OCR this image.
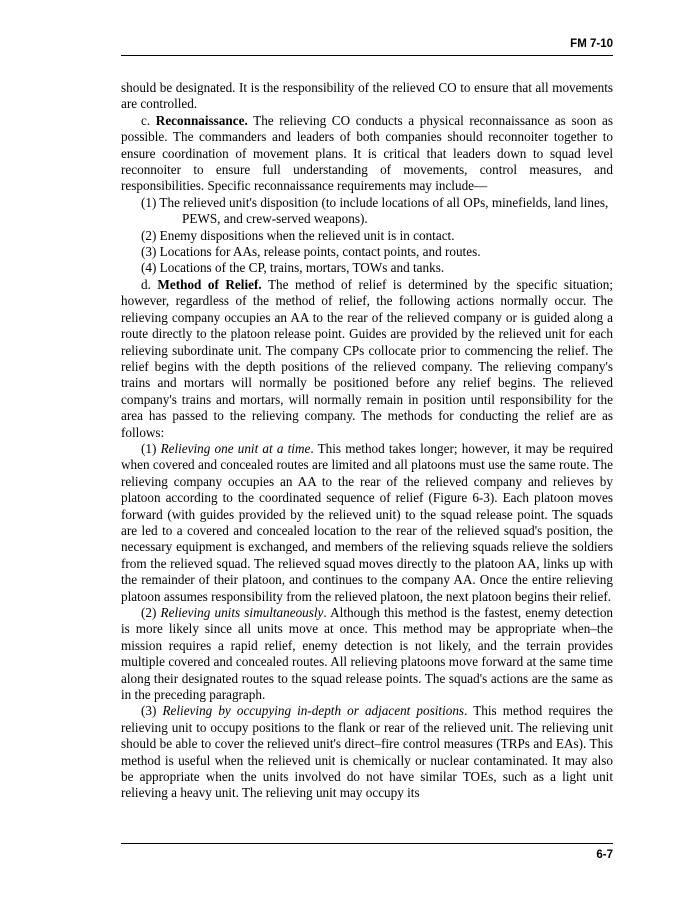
FM 7-10

should be designated. It is the responsibility of the relieved CO to ensure that all movements are controlled.

c. Reconnaissance. The relieving CO conducts a physical reconnaissance as soon as possible. The commanders and leaders of both companies should reconnoiter together to ensure coordination of movement plans. It is critical that leaders down to squad level reconnoiter to ensure full understanding of movements, control measures, and responsibilities. Specific reconnaissance requirements may include—

(1) The relieved unit's disposition (to include locations of all OPs, minefields, land lines, PEWS, and crew-served weapons).

(2) Enemy dispositions when the relieved unit is in contact.

(3) Locations for AAs, release points, contact points, and routes.

(4) Locations of the CP, trains, mortars, TOWs and tanks.

d. Method of Relief. The method of relief is determined by the specific situation; however, regardless of the method of relief, the following actions normally occur. The relieving company occupies an AA to the rear of the relieved company or is guided along a route directly to the platoon release point. Guides are provided by the relieved unit for each relieving subordinate unit. The company CPs collocate prior to commencing the relief. The relief begins with the depth positions of the relieved company. The relieving company's trains and mortars will normally be positioned before any relief begins. The relieved company's trains and mortars, will normally remain in position until responsibility for the area has passed to the relieving company. The methods for conducting the relief are as follows:

(1) Relieving one unit at a time. This method takes longer; however, it may be required when covered and concealed routes are limited and all platoons must use the same route. The relieving company occupies an AA to the rear of the relieved company and relieves by platoon according to the coordinated sequence of relief (Figure 6-3). Each platoon moves forward (with guides provided by the relieved unit) to the squad release point. The squads are led to a covered and concealed location to the rear of the relieved squad's position, the necessary equipment is exchanged, and members of the relieving squads relieve the soldiers from the relieved squad. The relieved squad moves directly to the platoon AA, links up with the remainder of their platoon, and continues to the company AA. Once the entire relieving platoon assumes responsibility from the relieved platoon, the next platoon begins their relief.

(2) Relieving units simultaneously. Although this method is the fastest, enemy detection is more likely since all units move at once. This method may be appropriate when–the mission requires a rapid relief, enemy detection is not likely, and the terrain provides multiple covered and concealed routes. All relieving platoons move forward at the same time along their designated routes to the squad release points. The squad's actions are the same as in the preceding paragraph.

(3) Relieving by occupying in-depth or adjacent positions. This method requires the relieving unit to occupy positions to the flank or rear of the relieved unit. The relieving unit should be able to cover the relieved unit's direct–fire control measures (TRPs and EAs). This method is useful when the relieved unit is chemically or nuclear contaminated. It may also be appropriate when the units involved do not have similar TOEs, such as a light unit relieving a heavy unit. The relieving unit may occupy its

6-7
